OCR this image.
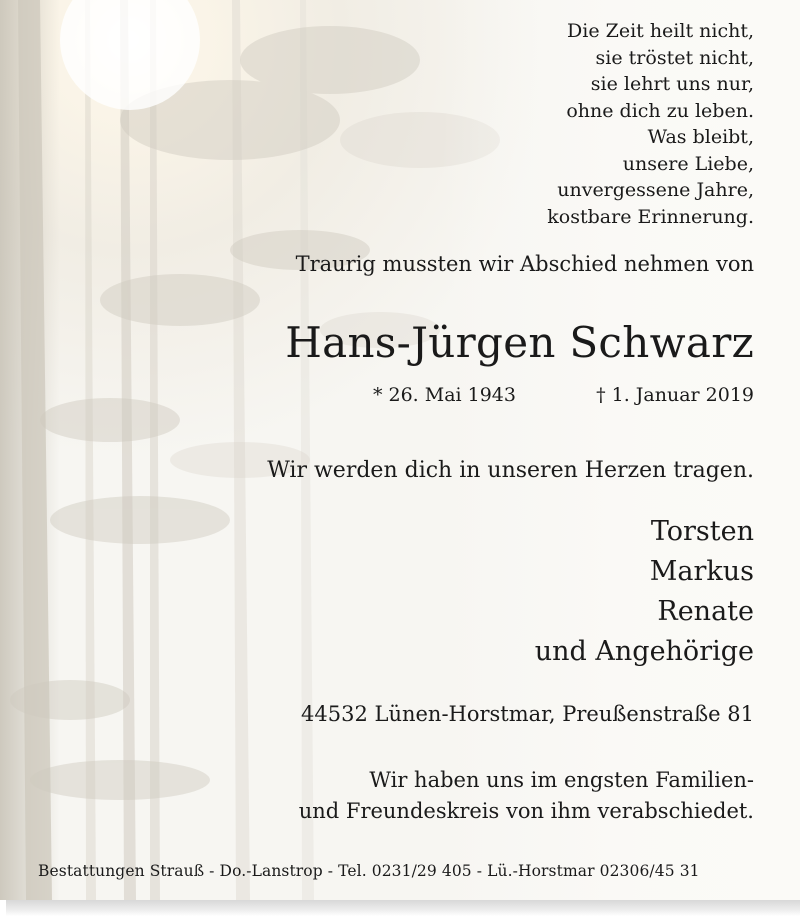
Die Zeit heilt nicht,
sie tröstet nicht,
sie lehrt uns nur,
ohne dich zu leben.
Was bleibt,
unsere Liebe,
unvergessene Jahre,
kostbare Erinnerung.
Traurig mussten wir Abschied nehmen von
Hans-Jürgen Schwarz
* 26. Mai 1943	† 1. Januar 2019
Wir werden dich in unseren Herzen tragen.
Torsten
Markus
Renate
und Angehörige
44532 Lünen-Horstmar, Preußenstraße 81
Wir haben uns im engsten Familien-
und Freundeskreis von ihm verabschiedet.
Bestattungen Strauß - Do.-Lanstrop - Tel. 0231/29 405 - Lü.-Horstmar 02306/45 31
